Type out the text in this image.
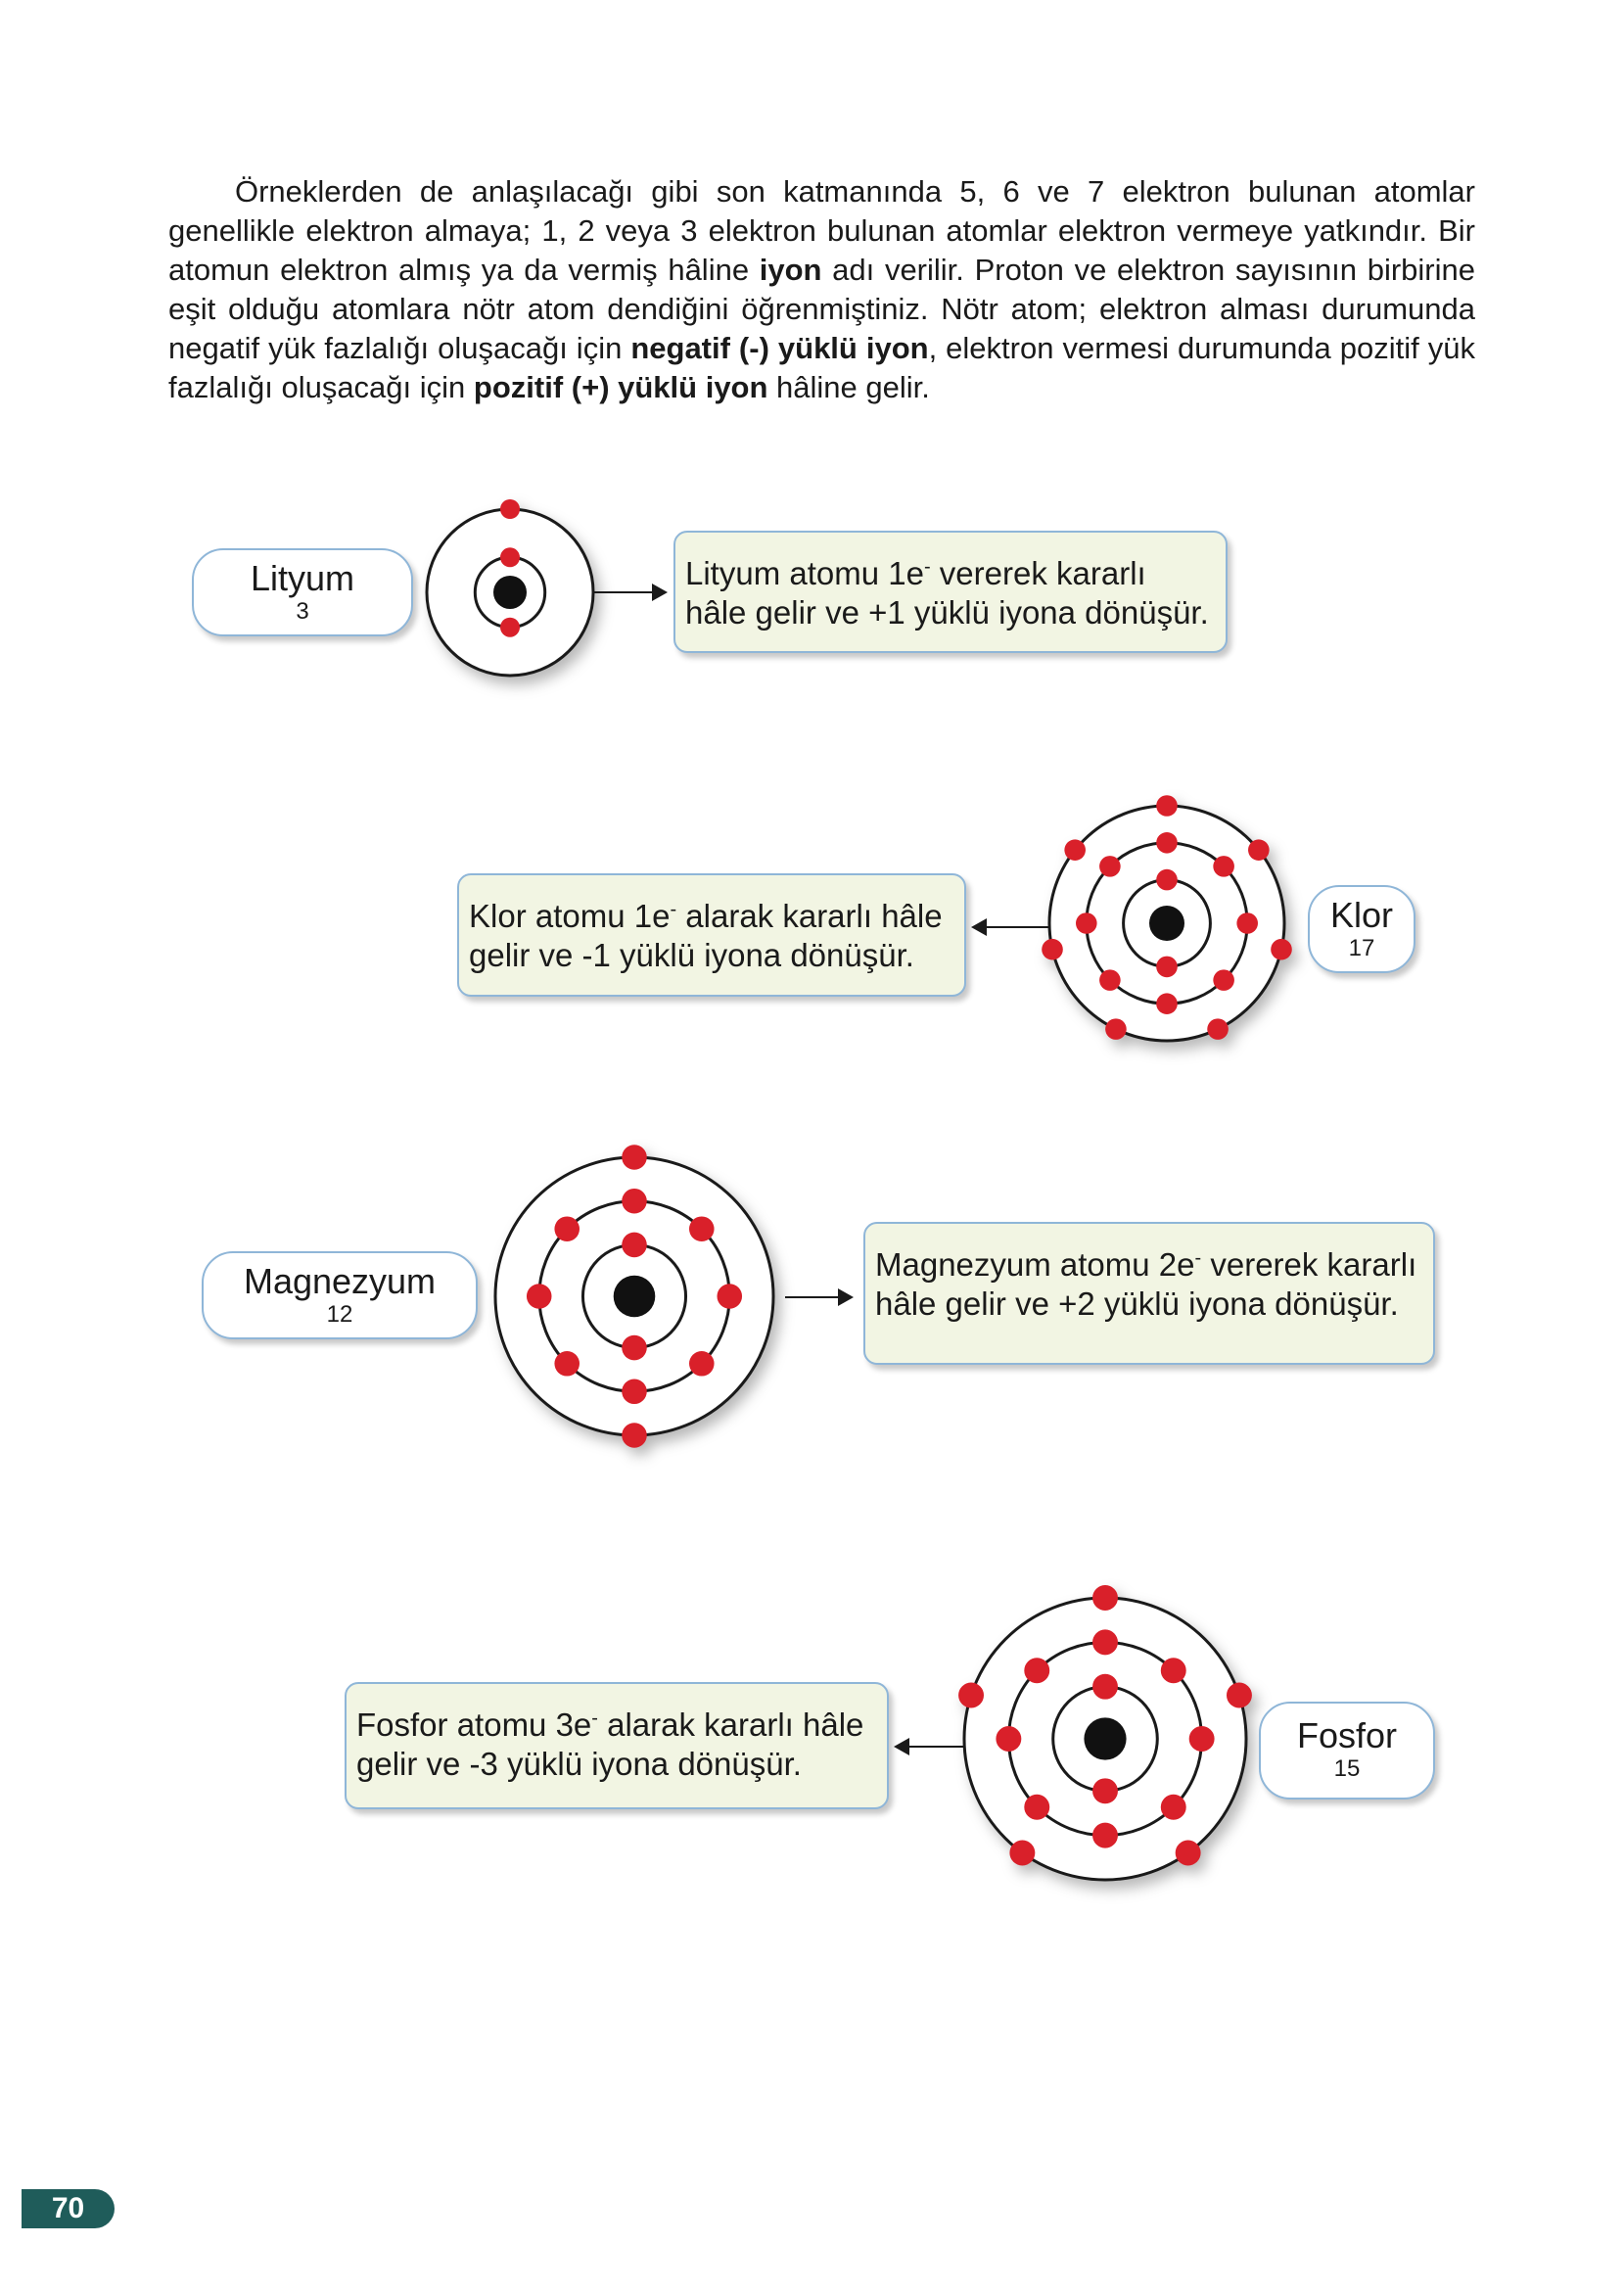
Örneklerden de anlaşılacağı gibi son katmanında 5, 6 ve 7 elektron bulunan atomlar genellikle elektron almaya; 1, 2 veya 3 elektron bulunan atomlar elektron vermeye yatkındır. Bir atomun elektron almış ya da vermiş hâline iyon adı verilir. Proton ve elektron sayısının birbirine eşit olduğu atomlara nötr atom dendiğini öğrenmiştiniz. Nötr atom; elektron alması durumunda negatif yük fazlalığı oluşacağı için negatif (-) yüklü iyon, elektron vermesi durumunda pozitif yük fazlalığı oluşacağı için pozitif (+) yüklü iyon hâline gelir.

Lityum
3
Lityum atomu 1e- vererek kararlı
hâle gelir ve +1 yüklü iyona dönüşür.
Klor atomu 1e- alarak kararlı hâle
gelir ve -1 yüklü iyona dönüşür.
Klor
17
Magnezyum
12
Magnezyum atomu 2e- vererek kararlı
hâle gelir ve +2 yüklü iyona dönüşür.
Fosfor atomu 3e- alarak kararlı hâle
gelir ve -3 yüklü iyona dönüşür.
Fosfor
15
70
